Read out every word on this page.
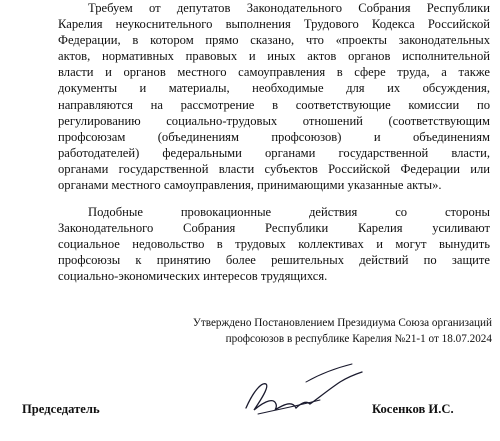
Требуем от депутатов Законодательного Собрания Республики
Карелия неукоснительного выполнения Трудового Кодекса Российской
Федерации, в котором прямо сказано, что «проекты законодательных
актов, нормативных правовых и иных актов органов исполнительной
власти и органов местного самоуправления в сфере труда, а также
документы и материалы, необходимые для их обсуждения,
направляются на рассмотрение в соответствующие комиссии по
регулированию социально-трудовых отношений (соответствующим
профсоюзам (объединениям профсоюзов) и объединениям
работодателей) федеральными органами государственной власти,
органами государственной власти субъектов Российской Федерации или
органами местного самоуправления, принимающими указанные акты».
Подобные провокационные действия со стороны
Законодательного Собрания Республики Карелия усиливают
социальное недовольство в трудовых коллективах и могут вынудить
профсоюзы к принятию более решительных действий по защите
социально-экономических интересов трудящихся.
Утверждено Постановлением Президиума Союза организаций
профсоюзов в республике Карелия №21-1 от 18.07.2024
Председатель	Косенков И.С.
